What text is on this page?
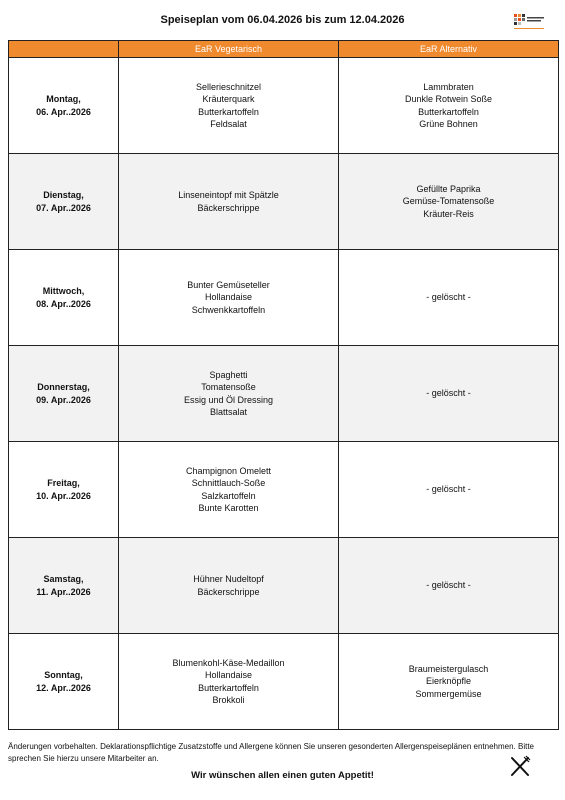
Speiseplan vom 06.04.2026 bis zum 12.04.2026
	EaR Vegetarisch	EaR Alternativ

Montag,
06. Apr..2026	Sellerieschnitzel
Kräuterquark
Butterkartoffeln
Feldsalat	Lammbraten
Dunkle Rotwein Soße
Butterkartoffeln
Grüne Bohnen

Dienstag,
07. Apr..2026	Linseneintopf mit Spätzle
Bäckerschrippe	Gefüllte Paprika
Gemüse-Tomatensoße
Kräuter-Reis

Mittwoch,
08. Apr..2026	Bunter Gemüseteller
Hollandaise
Schwenkkartoffeln	- gelöscht -

Donnerstag,
09. Apr..2026	Spaghetti
Tomatensoße
Essig und Öl Dressing
Blattsalat	- gelöscht -

Freitag,
10. Apr..2026	Champignon Omelett
Schnittlauch-Soße
Salzkartoffeln
Bunte Karotten	- gelöscht -

Samstag,
11. Apr..2026	Hühner Nudeltopf
Bäckerschrippe	- gelöscht -

Sonntag,
12. Apr..2026	Blumenkohl-Käse-Medaillon
Hollandaise
Butterkartoffeln
Brokkoli	Braumeistergulasch
Eierknöpfle
Sommergemüse
Änderungen vorbehalten. Deklarationspflichtige Zusatzstoffe und Allergene können Sie unseren gesonderten Allergenspeiseplänen entnehmen. Bitte sprechen Sie hierzu unsere Mitarbeiter an.
Wir wünschen allen einen guten Appetit!
